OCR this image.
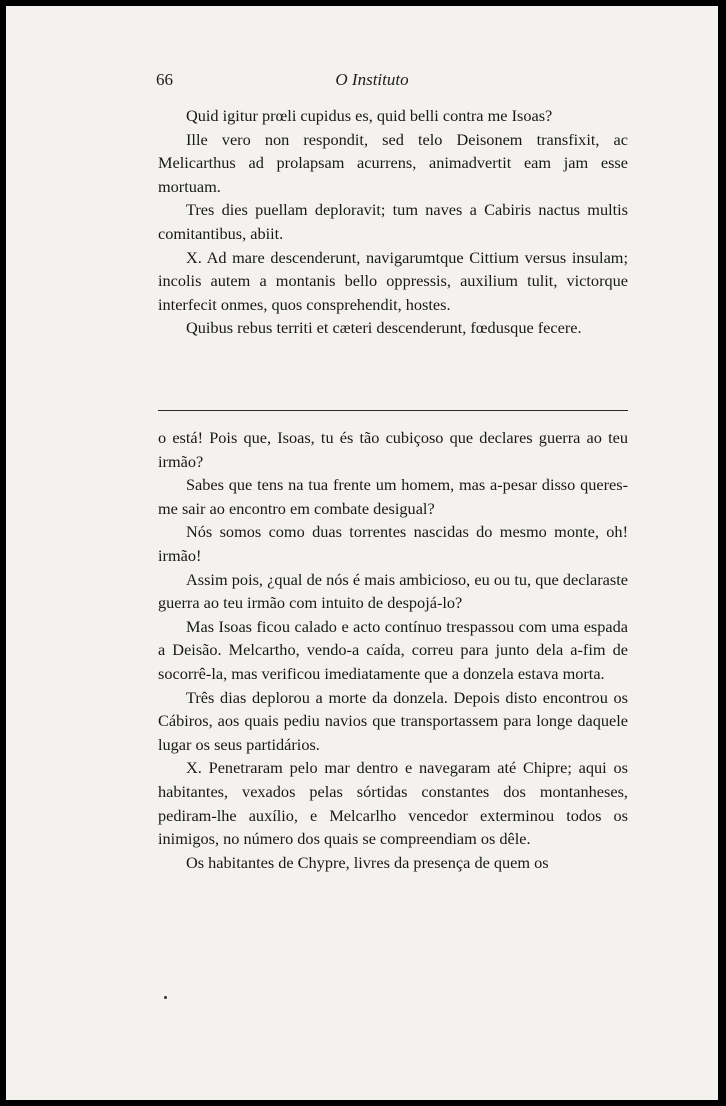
66	O Instituto

Quid igitur prœli cupidus es, quid belli contra me Isoas?

Ille vero non respondit, sed telo Deisonem transfixit, ac Melicarthus ad prolapsam acurrens, animadvertit eam jam esse mortuam.

Tres dies puellam deploravit; tum naves a Cabiris nactus multis comitantibus, abiit.

X. Ad mare descenderunt, navigarumtque Cittium versus insulam; incolis autem a montanis bello oppressis, auxilium tulit, victorque interfecit onmes, quos consprehendit, hostes.

Quibus rebus territi et cæteri descenderunt, fœdusque fecere.

o está! Pois que, Isoas, tu és tão cubiçoso que declares guerra ao teu irmão?

Sabes que tens na tua frente um homem, mas a-pesar disso queres-me sair ao encontro em combate desigual?

Nós somos como duas torrentes nascidas do mesmo monte, oh! irmão!

Assim pois, ¿qual de nós é mais ambicioso, eu ou tu, que declaraste guerra ao teu irmão com intuito de despojá-lo?

Mas Isoas ficou calado e acto contínuo trespassou com uma espada a Deisão. Melcartho, vendo-a caída, correu para junto dela a-fim de socorrê-la, mas verificou imediatamente que a donzela estava morta.

Três dias deplorou a morte da donzela. Depois disto encontrou os Cábiros, aos quais pediu navios que transportassem para longe daquele lugar os seus partidários.

X. Penetraram pelo mar dentro e navegaram até Chipre; aqui os habitantes, vexados pelas sórtidas constantes dos montanheses, pediram-lhe auxílio, e Melcarlho vencedor exterminou todos os inimigos, no número dos quais se compreendiam os dêle.

Os habitantes de Chypre, livres da presença de quem os
